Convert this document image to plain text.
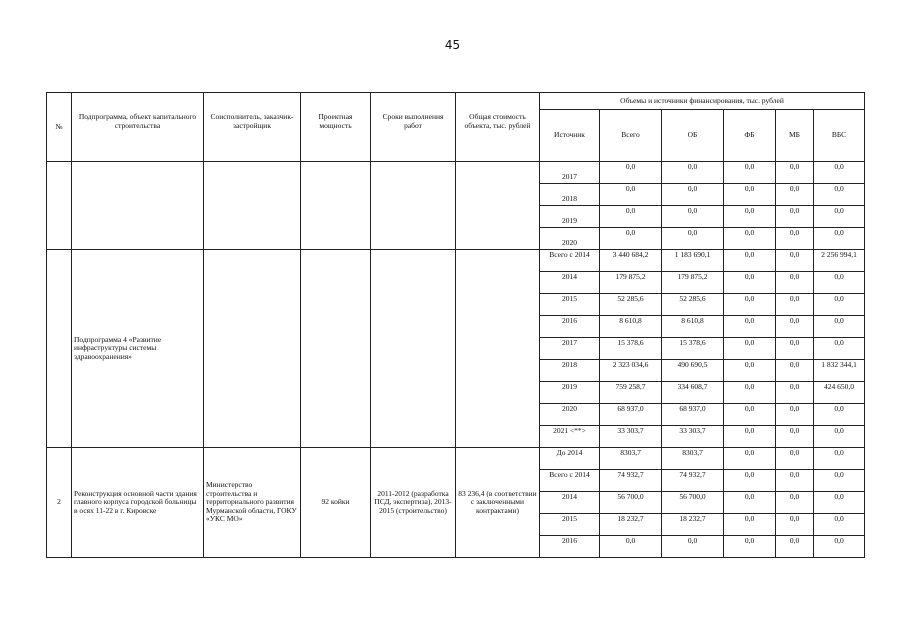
45
№	Подпрограмма, объект капитального строительства	Соисполнитель, заказчик-застройщик	Проектная мощность	Сроки выполнения работ	Общая стоимость объекта, тыс. рублей	Объемы и источники финансирования, тыс. рублей					
						Источник	Всего	ОБ	ФБ	МБ	ВБС
						2017	0,0	0,0	0,0	0,0	0,0
						2018	0,0	0,0	0,0	0,0	0,0
						2019	0,0	0,0	0,0	0,0	0,0
						2020	0,0	0,0	0,0	0,0	0,0
	Подпрограмма 4 «Развитие инфраструктуры системы здравоохранения»					Всего с 2014	3 440 684,2	1 183 690,1	0,0	0,0	2 256 994,1
						2014	179 875,2	179 875,2	0,0	0,0	0,0
						2015	52 285,6	52 285,6	0,0	0,0	0,0
						2016	8 610,8	8 610,8	0,0	0,0	0,0
						2017	15 378,6	15 378,6	0,0	0,0	0,0
						2018	2 323 034,6	490 690,5	0,0	0,0	1 832 344,1
						2019	759 258,7	334 608,7	0,0	0,0	424 650,0
						2020	68 937,0	68 937,0	0,0	0,0	0,0
						2021 <**>	33 303,7	33 303,7	0,0	0,0	0,0
2	Реконструкция основной части здания главного корпуса городской больницы в осях 11-22 в г. Кировске	Министерство строительства и территориального развития Мурманской области, ГОКУ «УКС МО»	92 койки	2011-2012 (разработка ПСД, экспертиза), 2013-2015 (строительство)	83 236,4 (в соответствии с заключенными контрактами)	До 2014	8303,7	8303,7	0,0	0,0	0,0
						Всего с 2014	74 932,7	74 932,7	0,0	0,0	0,0
						2014	56 700,0	56 700,0	0,0	0,0	0,0
						2015	18 232,7	18 232,7	0,0	0,0	0,0
						2016	0,0	0,0	0,0	0,0	0,0
